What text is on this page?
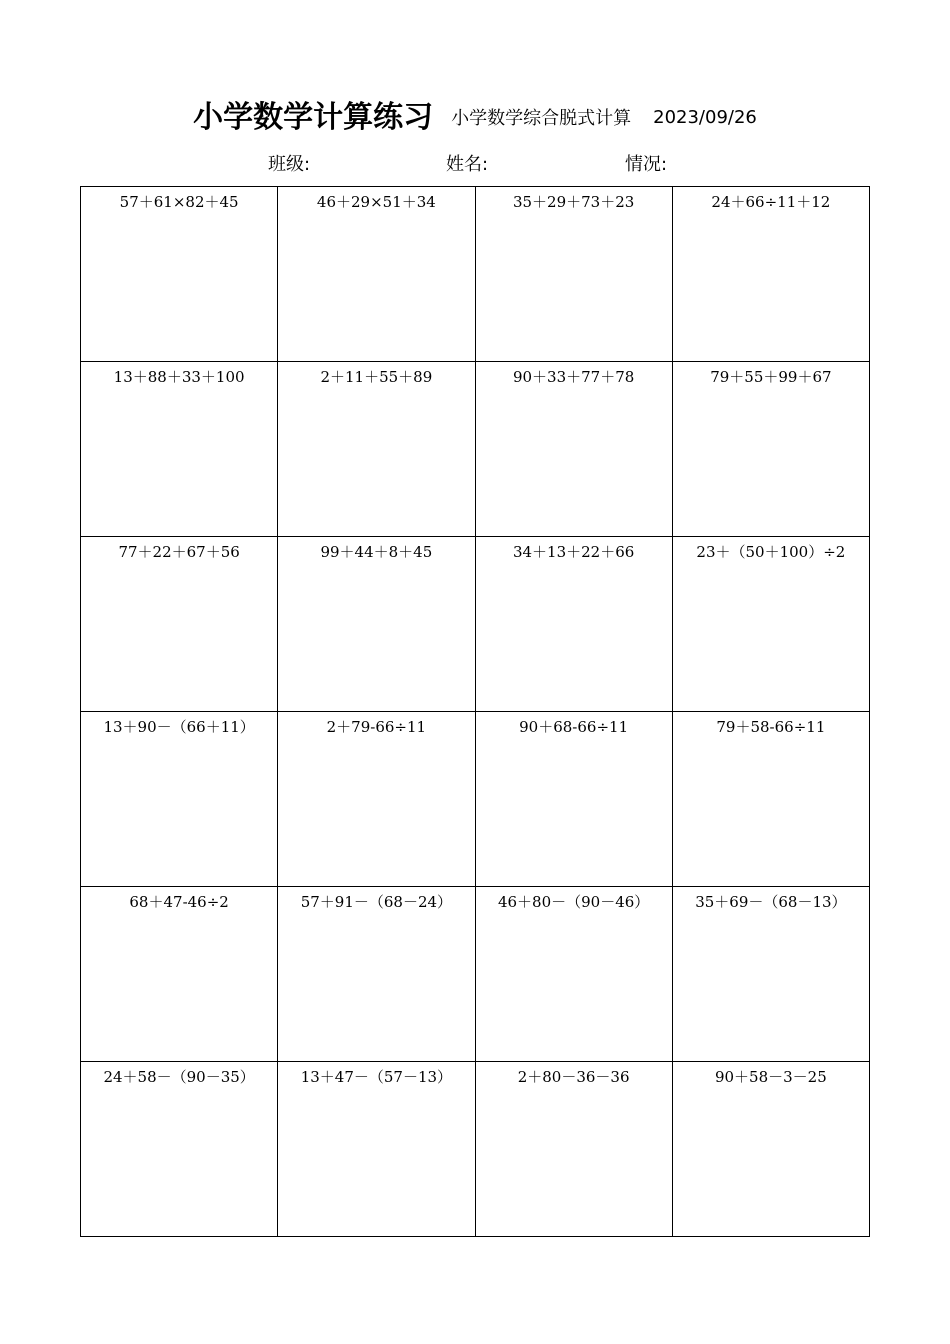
小学数学计算练习 小学数学综合脱式计算 2023/09/26
班级:	姓名:	情况:
57＋61×82＋45	46＋29×51＋34	35＋29＋73＋23	24＋66÷11＋12

13＋88＋33＋100	2＋11＋55＋89	90＋33＋77＋78	79＋55＋99＋67

77＋22＋67＋56	99＋44＋8＋45	34＋13＋22＋66	23＋（50＋100）÷2

13＋90－（66＋11）	2＋79-66÷11	90＋68-66÷11	79＋58-66÷11

68＋47-46÷2	57＋91－（68－24）	46＋80－（90－46）	35＋69－（68－13）

24＋58－（90－35）	13＋47－（57－13）	2＋80－36－36	90＋58－3－25
